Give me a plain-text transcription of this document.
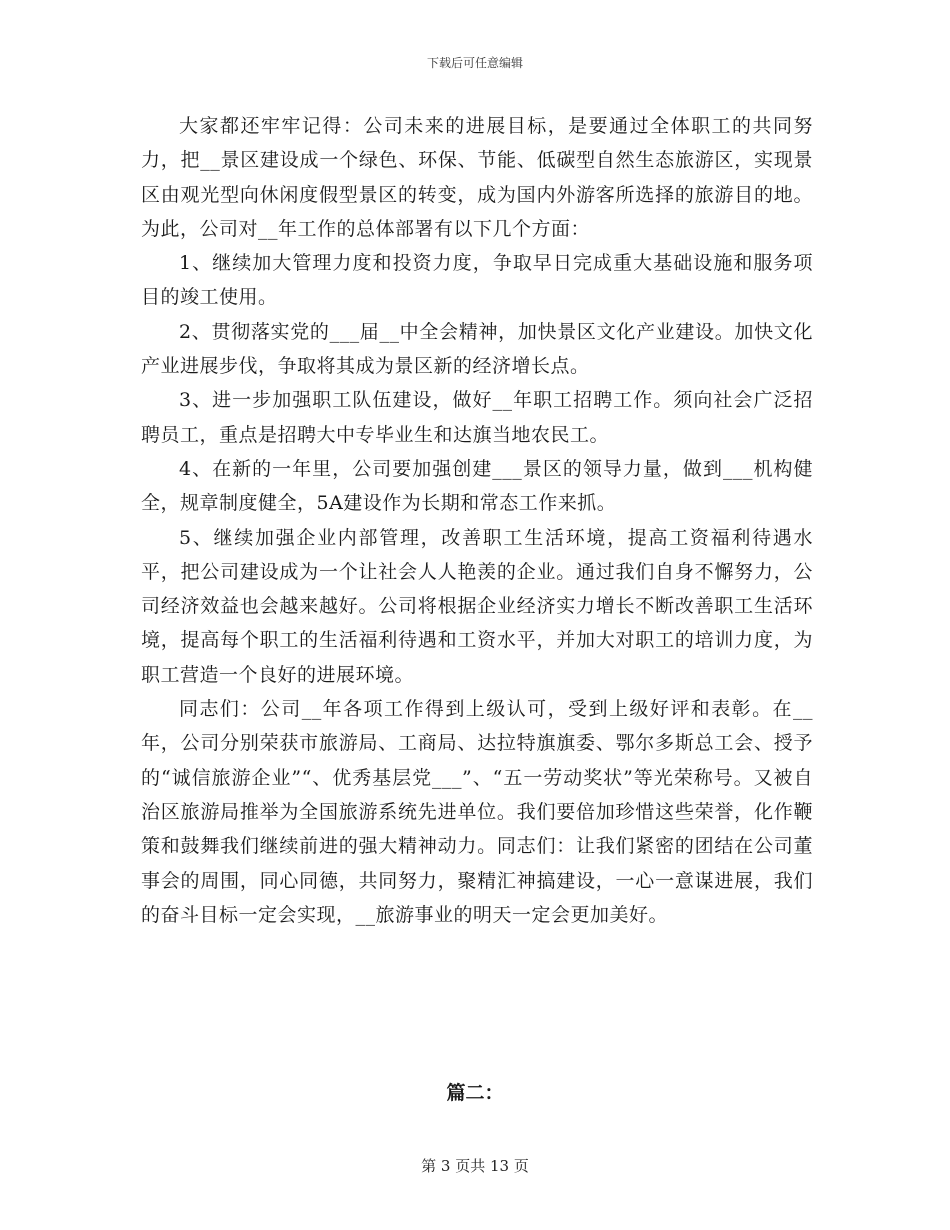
下载后可任意编辑

大家都还牢牢记得：公司未来的进展目标，是要通过全体职工的共同努力，把__景区建设成一个绿色、环保、节能、低碳型自然生态旅游区，实现景区由观光型向休闲度假型景区的转变，成为国内外游客所选择的旅游目的地。为此，公司对__年工作的总体部署有以下几个方面：

1、继续加大管理力度和投资力度，争取早日完成重大基础设施和服务项目的竣工使用。

2、贯彻落实党的___届__中全会精神，加快景区文化产业建设。加快文化产业进展步伐，争取将其成为景区新的经济增长点。

3、进一步加强职工队伍建设，做好__年职工招聘工作。须向社会广泛招聘员工，重点是招聘大中专毕业生和达旗当地农民工。

4、在新的一年里，公司要加强创建___景区的领导力量，做到___机构健全，规章制度健全，5A建设作为长期和常态工作来抓。

5、继续加强企业内部管理，改善职工生活环境，提高工资福利待遇水平，把公司建设成为一个让社会人人艳羡的企业。通过我们自身不懈努力，公司经济效益也会越来越好。公司将根据企业经济实力增长不断改善职工生活环境，提高每个职工的生活福利待遇和工资水平，并加大对职工的培训力度，为职工营造一个良好的进展环境。

同志们：公司__年各项工作得到上级认可，受到上级好评和表彰。在__年，公司分别荣获市旅游局、工商局、达拉特旗旗委、鄂尔多斯总工会、授予的“诚信旅游企业”“、优秀基层党___”、“五一劳动奖状”等光荣称号。又被自治区旅游局推举为全国旅游系统先进单位。我们要倍加珍惜这些荣誉，化作鞭策和鼓舞我们继续前进的强大精神动力。同志们：让我们紧密的团结在公司董事会的周围，同心同德，共同努力，聚精汇神搞建设，一心一意谋进展，我们的奋斗目标一定会实现，__旅游事业的明天一定会更加美好。

篇二：
第 3 页共 13 页
